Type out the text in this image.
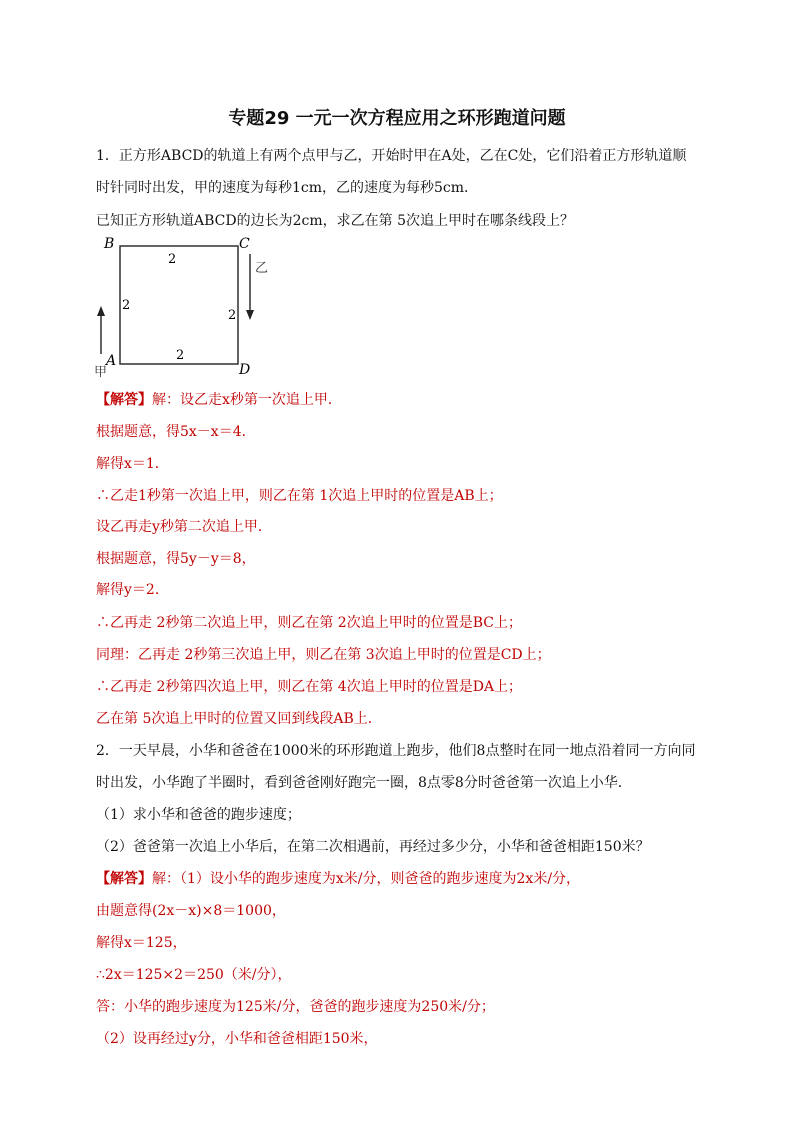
专题29 一元一次方程应用之环形跑道问题
1．正方形ABCD的轨道上有两个点甲与乙，开始时甲在A处，乙在C处，它们沿着正方形轨道顺
时针同时出发，甲的速度为每秒1cm，乙的速度为每秒5cm．
已知正方形轨道ABCD的边长为2cm，求乙在第 5次追上甲时在哪条线段上？
B	C
A
D
2
2
2
2
乙
甲
【解答】解：设乙走x秒第一次追上甲．
根据题意，得5x－x＝4．
解得x＝1．
∴乙走1秒第一次追上甲，则乙在第 1次追上甲时的位置是AB上；
设乙再走y秒第二次追上甲．
根据题意，得5y－y＝8，
解得y＝2．
∴乙再走 2秒第二次追上甲，则乙在第 2次追上甲时的位置是BC上；
同理：乙再走 2秒第三次追上甲，则乙在第 3次追上甲时的位置是CD上；
∴乙再走 2秒第四次追上甲，则乙在第 4次追上甲时的位置是DA上；
乙在第 5次追上甲时的位置又回到线段AB上．
2．一天早晨，小华和爸爸在1000米的环形跑道上跑步，他们8点整时在同一地点沿着同一方向同
时出发，小华跑了半圈时，看到爸爸刚好跑完一圈，8点零8分时爸爸第一次追上小华．
（1）求小华和爸爸的跑步速度；
（2）爸爸第一次追上小华后，在第二次相遇前，再经过多少分，小华和爸爸相距150米？
【解答】解：（1）设小华的跑步速度为x米/分，则爸爸的跑步速度为2x米/分，
由题意得(2x－x)×8＝1000，
解得x＝125，
∴2x＝125×2＝250（米/分），
答：小华的跑步速度为125米/分，爸爸的跑步速度为250米/分；
（2）设再经过y分，小华和爸爸相距150米，
